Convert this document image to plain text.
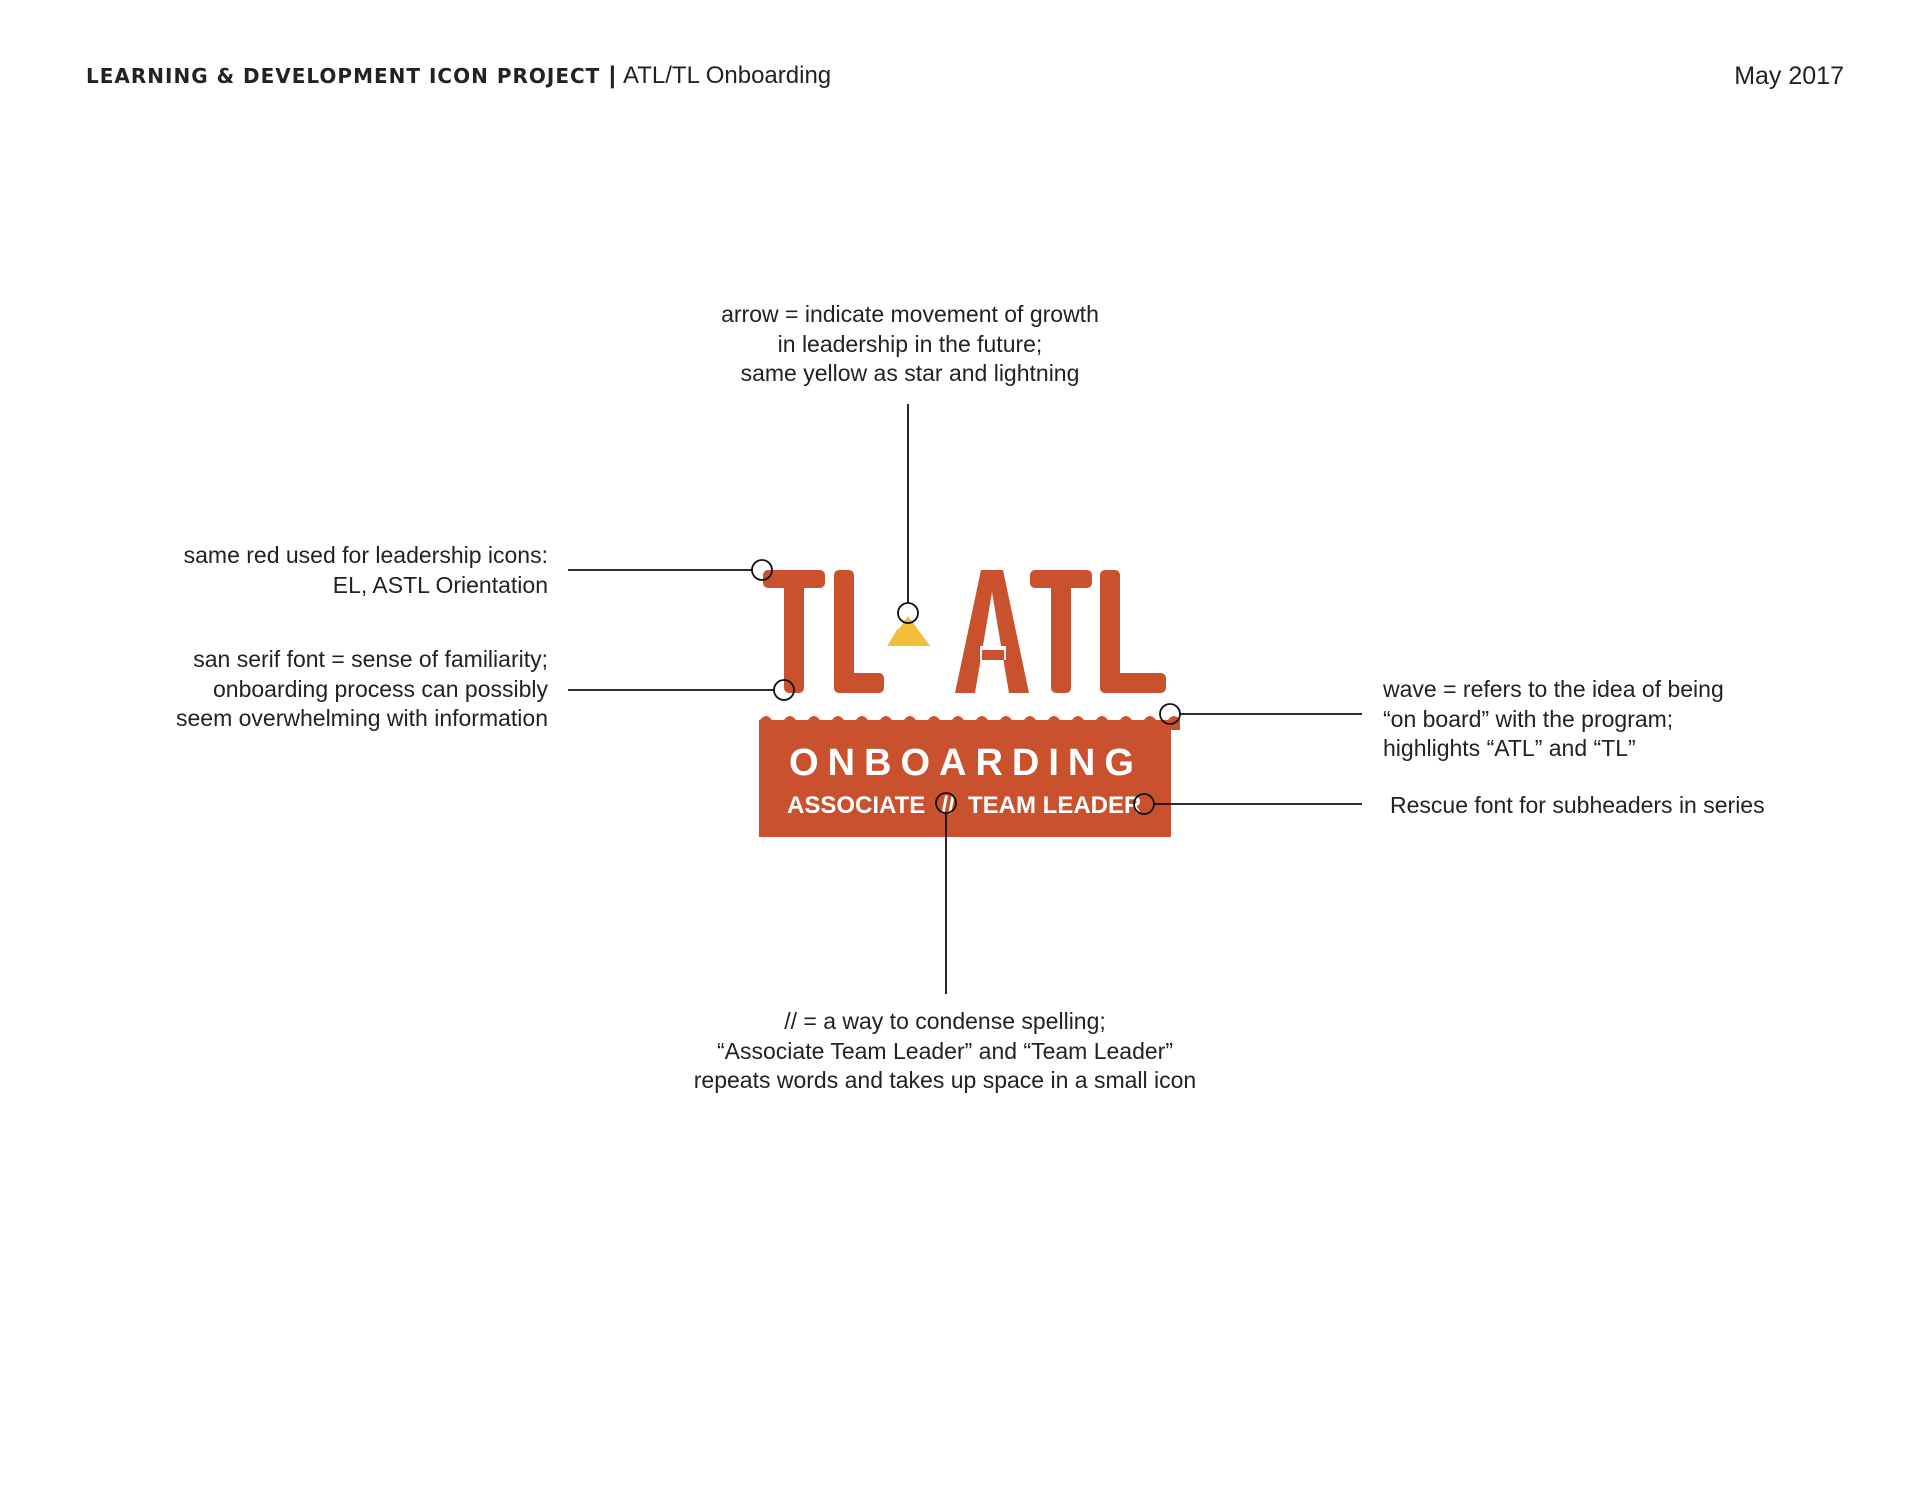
LEARNING & DEVELOPMENT ICON PROJECT | ATL/TL Onboarding	May 2017
arrow = indicate movement of growth
in leadership in the future;
same yellow as star and lightning
same red used for leadership icons:
EL, ASTL Orientation
san serif font = sense of familiarity;
onboarding process can possibly
seem overwhelming with information
wave = refers to the idea of being
“on board” with the program;
highlights “ATL” and “TL”
Rescue font for subheaders in series
// = a way to condense spelling;
“Associate Team Leader” and “Team Leader”
repeats words and takes up space in a small icon
ONBOARDING
ASSOCIATE // TEAM LEADER
